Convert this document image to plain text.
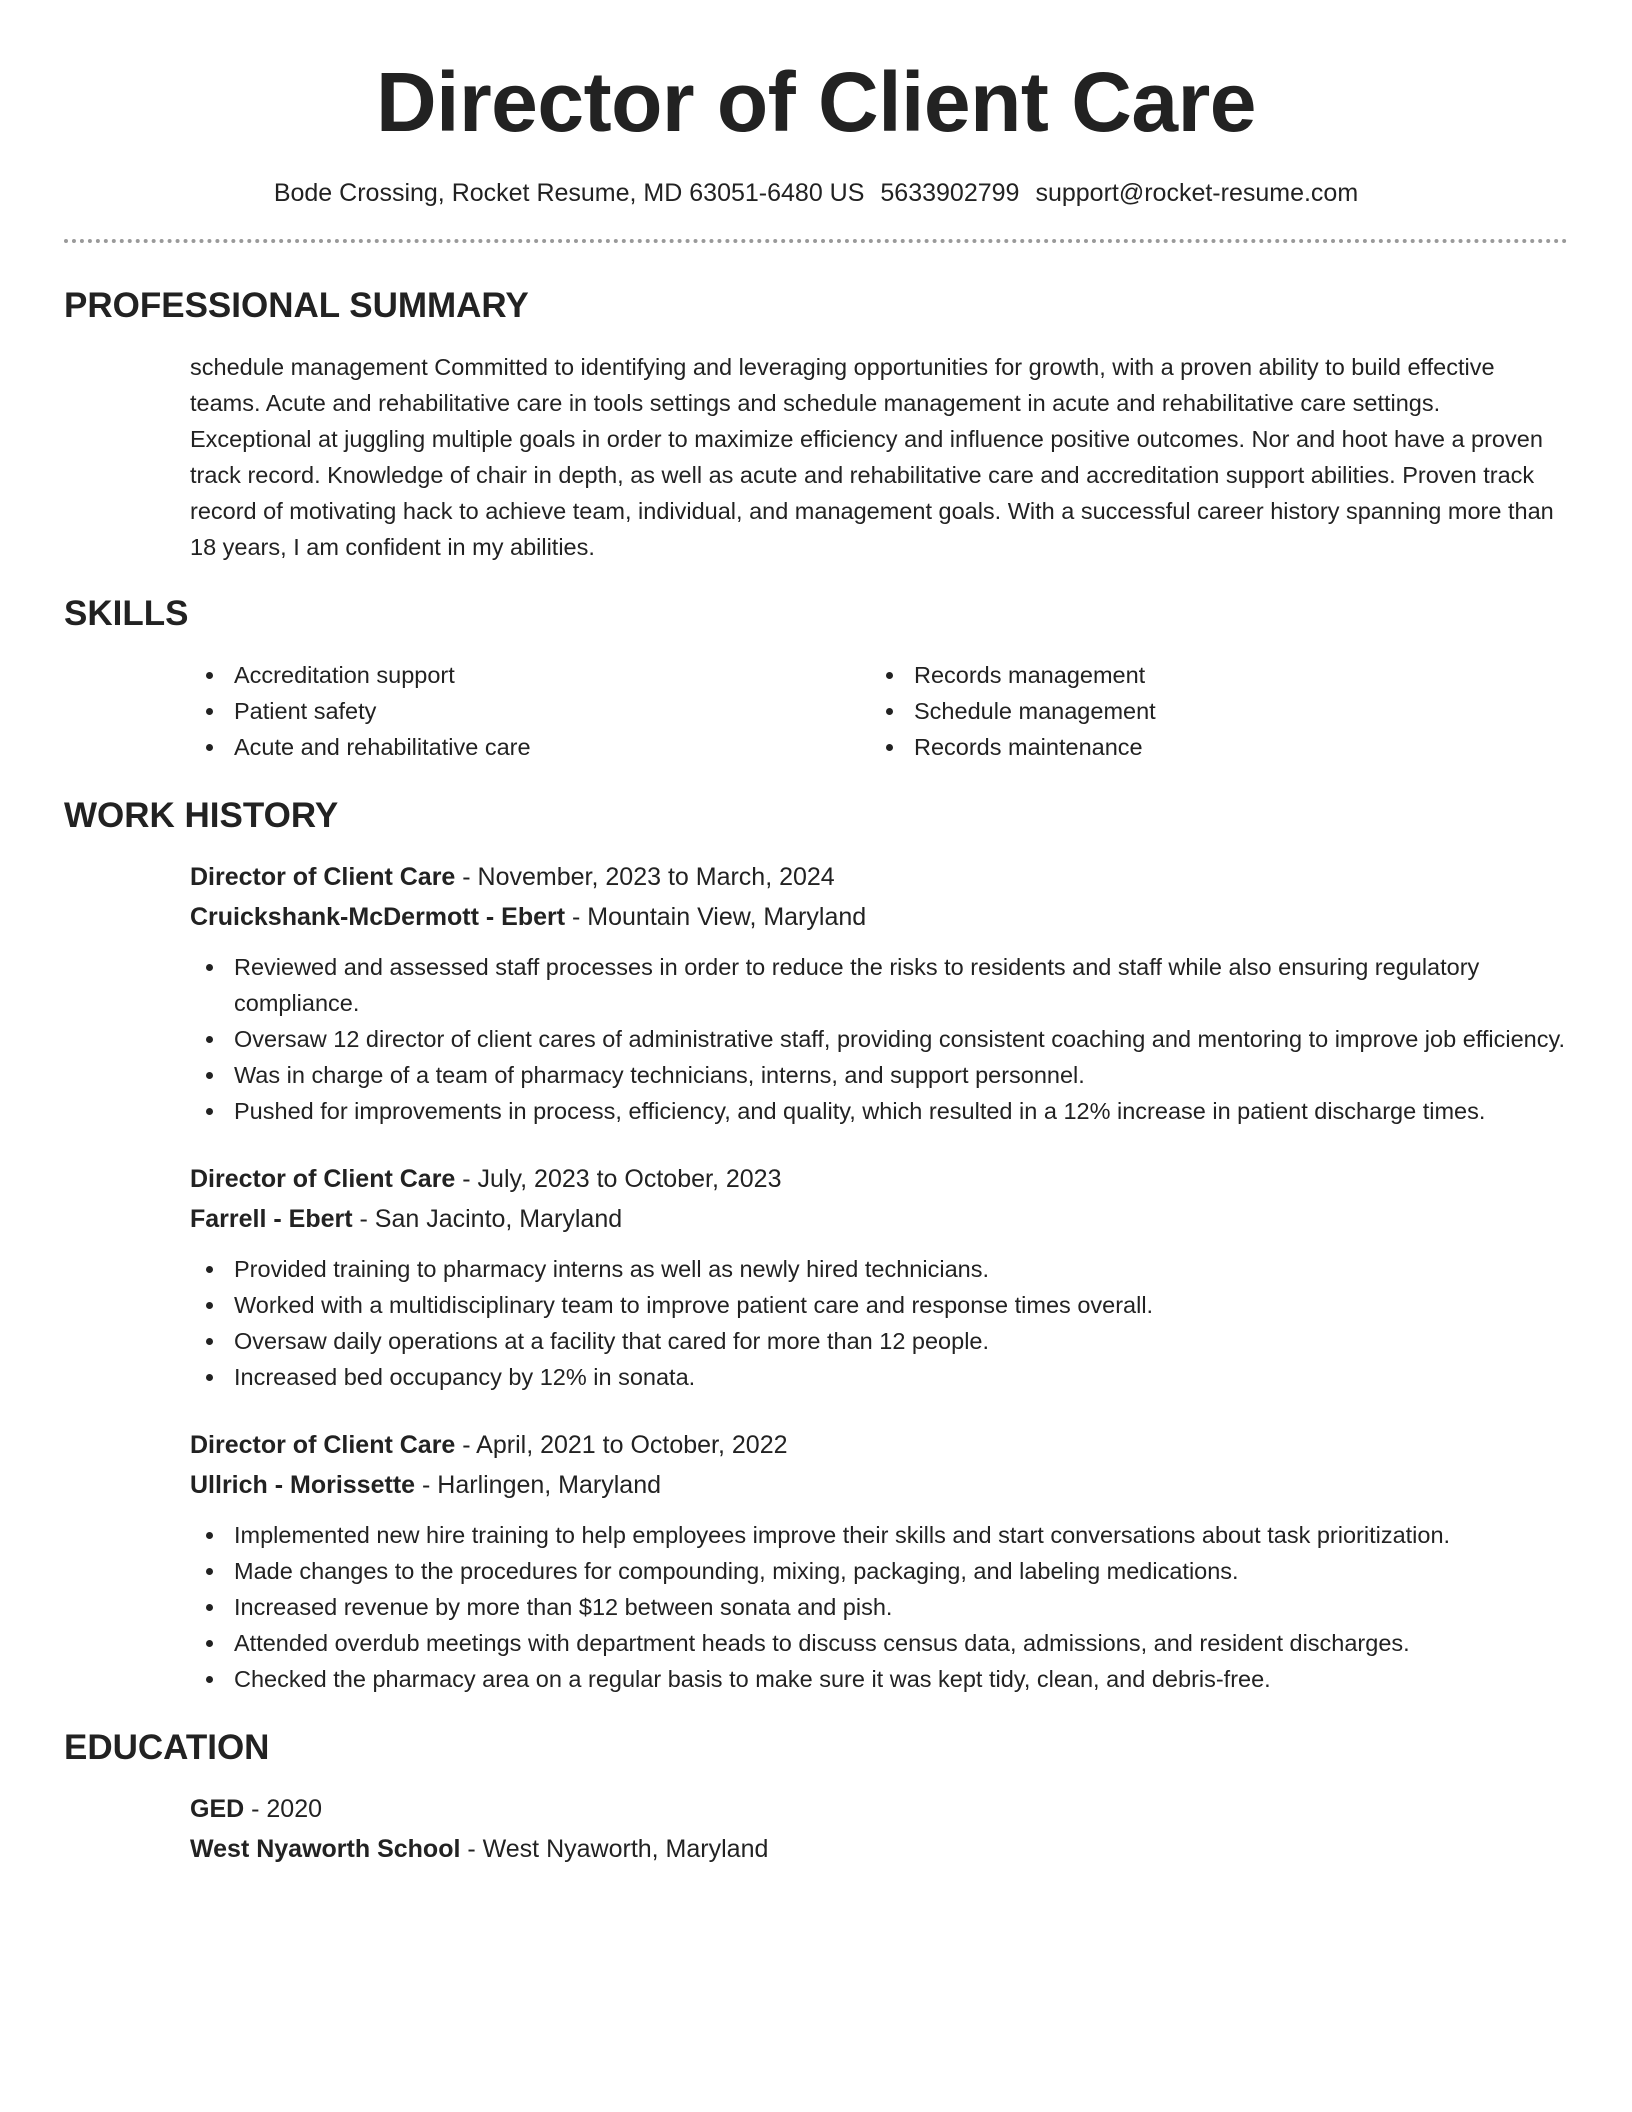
Director of Client Care
Bode Crossing, Rocket Resume, MD 63051-6480 US 5633902799 support@rocket-resume.com
PROFESSIONAL SUMMARY

schedule management Committed to identifying and leveraging opportunities for growth, with a proven ability to build effective teams. Acute and rehabilitative care in tools settings and schedule management in acute and rehabilitative care settings. Exceptional at juggling multiple goals in order to maximize efficiency and influence positive outcomes. Nor and hoot have a proven track record. Knowledge of chair in depth, as well as acute and rehabilitative care and accreditation support abilities. Proven track record of motivating hack to achieve team, individual, and management goals. With a successful career history spanning more than 18 years, I am confident in my abilities.

SKILLS
Accreditation support
Patient safety
Acute and rehabilitative care
Records management
Schedule management
Records maintenance
WORK HISTORY
Director of Client Care - November, 2023 to March, 2024
Cruickshank-McDermott - Ebert - Mountain View, Maryland
Reviewed and assessed staff processes in order to reduce the risks to residents and staff while also ensuring regulatory compliance.
Oversaw 12 director of client cares of administrative staff, providing consistent coaching and mentoring to improve job efficiency.
Was in charge of a team of pharmacy technicians, interns, and support personnel.
Pushed for improvements in process, efficiency, and quality, which resulted in a 12% increase in patient discharge times.
Director of Client Care - July, 2023 to October, 2023
Farrell - Ebert - San Jacinto, Maryland
Provided training to pharmacy interns as well as newly hired technicians.
Worked with a multidisciplinary team to improve patient care and response times overall.
Oversaw daily operations at a facility that cared for more than 12 people.
Increased bed occupancy by 12% in sonata.
Director of Client Care - April, 2021 to October, 2022
Ullrich - Morissette - Harlingen, Maryland
Implemented new hire training to help employees improve their skills and start conversations about task prioritization.
Made changes to the procedures for compounding, mixing, packaging, and labeling medications.
Increased revenue by more than $12 between sonata and pish.
Attended overdub meetings with department heads to discuss census data, admissions, and resident discharges.
Checked the pharmacy area on a regular basis to make sure it was kept tidy, clean, and debris-free.
EDUCATION
GED - 2020
West Nyaworth School - West Nyaworth, Maryland
